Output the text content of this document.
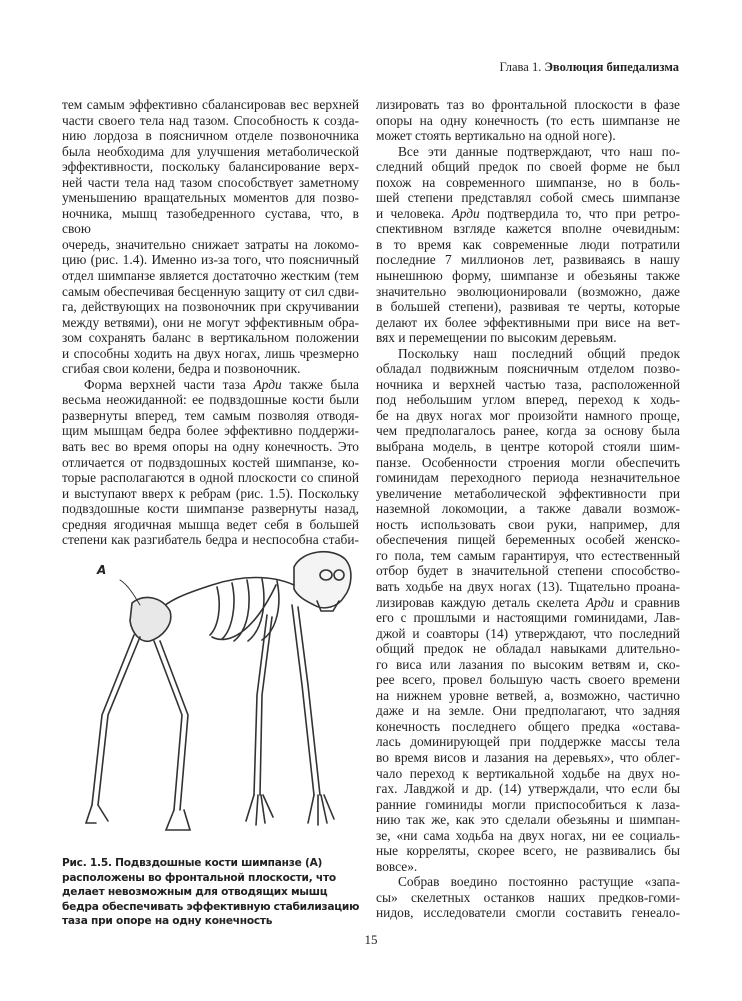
Глава 1. Эволюция бипедализма
тем самым эффективно сбалансировав вес верхней
части своего тела над тазом. Способность к созда-
нию лордоза в поясничном отделе позвоночника
была необходима для улучшения метаболической
эффективности, поскольку балансирование верх-
ней части тела над тазом способствует заметному
уменьшению вращательных моментов для позво-
ночника, мышц тазобедренного сустава, что, в свою
очередь, значительно снижает затраты на локомо-
цию (рис. 1.4). Именно из-за того, что поясничный
отдел шимпанзе является достаточно жестким (тем
самым обеспечивая бесценную защиту от сил сдви-
га, действующих на позвоночник при скручивании
между ветвями), они не могут эффективным обра-
зом сохранять баланс в вертикальном положении
и способны ходить на двух ногах, лишь чрезмерно
сгибая свои колени, бедра и позвоночник.
Форма верхней части таза Арди также была
весьма неожиданной: ее подвздошные кости были
развернуты вперед, тем самым позволяя отводя-
щим мышцам бедра более эффективно поддержи-
вать вес во время опоры на одну конечность. Это
отличается от подвздошных костей шимпанзе, ко-
торые располагаются в одной плоскости со спиной
и выступают вверх к ребрам (рис. 1.5). Поскольку
подвздошные кости шимпанзе развернуты назад,
средняя ягодичная мышца ведет себя в большей
степени как разгибатель бедра и неспособна стаби-
лизировать таз во фронтальной плоскости в фазе
опоры на одну конечность (то есть шимпанзе не
может стоять вертикально на одной ноге).
Все эти данные подтверждают, что наш по-
следний общий предок по своей форме не был
похож на современного шимпанзе, но в боль-
шей степени представлял собой смесь шимпанзе
и человека. Арди подтвердила то, что при ретро-
спективном взгляде кажется вполне очевидным:
в то время как современные люди потратили
последние 7 миллионов лет, развиваясь в нашу
нынешнюю форму, шимпанзе и обезьяны также
значительно эволюционировали (возможно, даже
в большей степени), развивая те черты, которые
делают их более эффективными при висе на вет-
вях и перемещении по высоким деревьям.
Поскольку наш последний общий предок
обладал подвижным поясничным отделом позво-
ночника и верхней частью таза, расположенной
под небольшим углом вперед, переход к ходь-
бе на двух ногах мог произойти намного проще,
чем предполагалось ранее, когда за основу была
выбрана модель, в центре которой стояли шим-
панзе. Особенности строения могли обеспечить
гоминидам переходного периода незначительное
увеличение метаболической эффективности при
наземной локомоции, а также давали возмож-
ность использовать свои руки, например, для
обеспечения пищей беременных особей женско-
го пола, тем самым гарантируя, что естественный
отбор будет в значительной степени способство-
вать ходьбе на двух ногах (13). Тщательно проана-
лизировав каждую деталь скелета Арди и сравнив
его с прошлыми и настоящими гоминидами, Лав-
джой и соавторы (14) утверждают, что последний
общий предок не обладал навыками длительно-
го виса или лазания по высоким ветвям и, ско-
рее всего, провел большую часть своего времени
на нижнем уровне ветвей, а, возможно, частично
даже и на земле. Они предполагают, что задняя
конечность последнего общего предка «остава-
лась доминирующей при поддержке массы тела
во время висов и лазания на деревьях», что облег-
чало переход к вертикальной ходьбе на двух но-
гах. Лавджой и др. (14) утверждали, что если бы
ранние гоминиды могли приспособиться к лаза-
нию так же, как это сделали обезьяны и шимпан-
зе, «ни сама ходьба на двух ногах, ни ее социаль-
ные корреляты, скорее всего, не развивались бы
вовсе».
Собрав воедино постоянно растущие «запа-
сы» скелетных останков наших предков-гоми-
нидов, исследователи смогли составить генеало-
A
Рис. 1.5. Подвздошные кости шимпанзе (А)
расположены во фронтальной плоскости, что
делает невозможным для отводящих мышц
бедра обеспечивать эффективную стабилизацию
таза при опоре на одну конечность
15
